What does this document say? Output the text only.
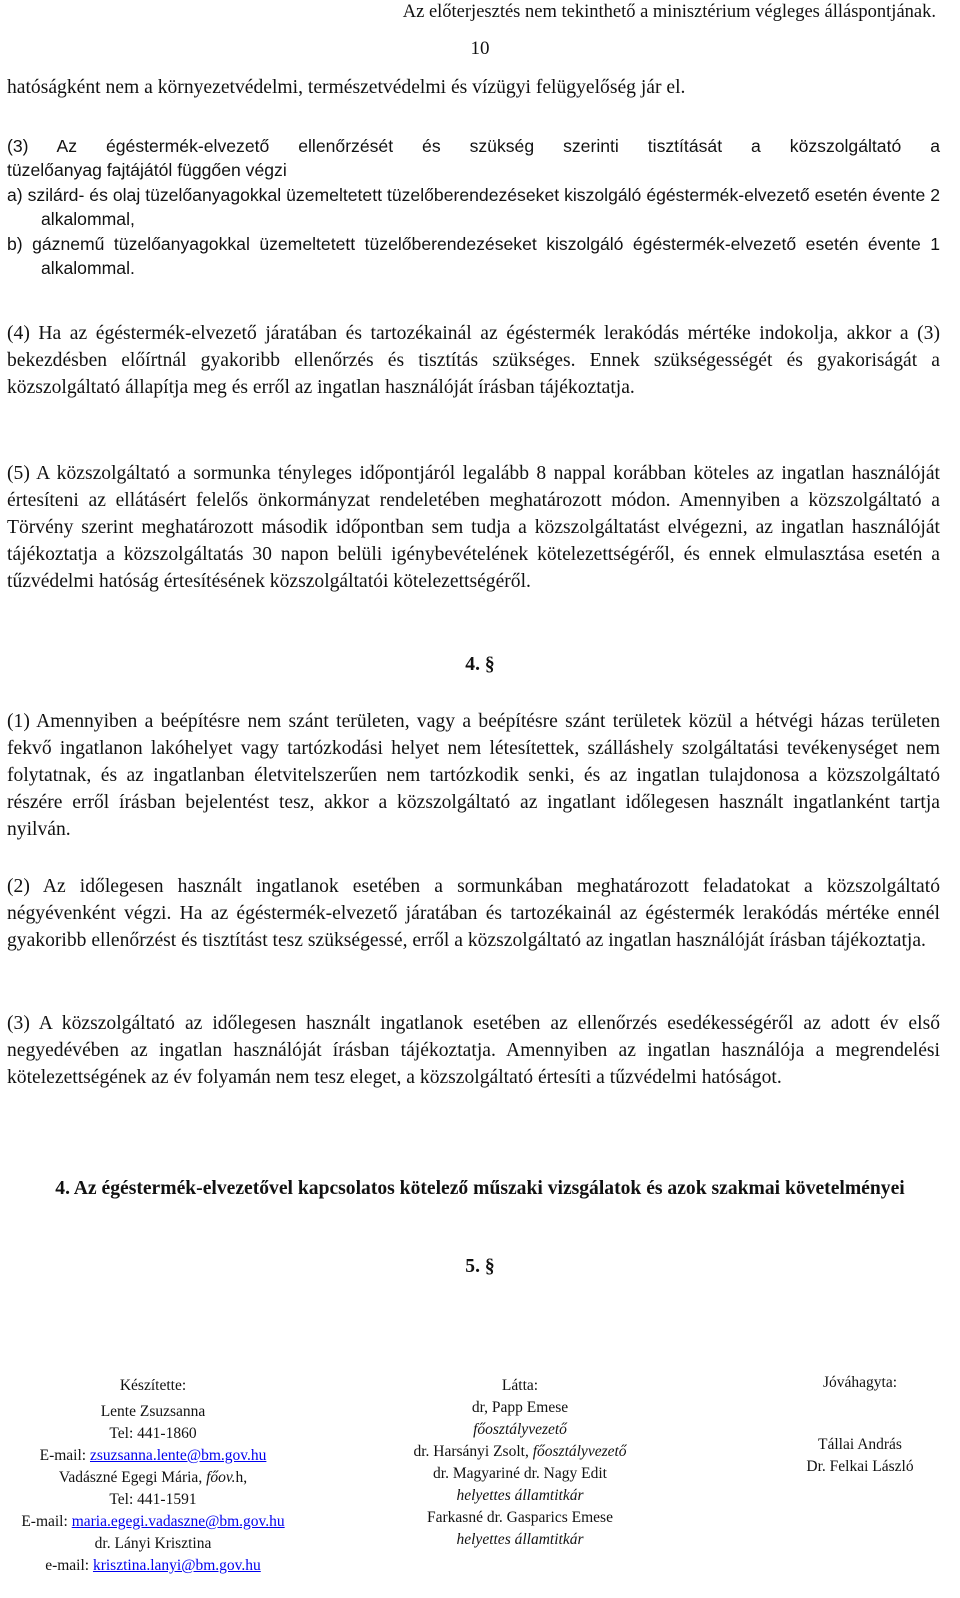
Az előterjesztés nem tekinthető a minisztérium végleges álláspontjának.
10
hatóságként nem a környezetvédelmi, természetvédelmi és vízügyi felügyelőség jár el.
(3) Az égéstermék-elvezető ellenőrzését és szükség szerinti tisztítását a közszolgáltató a
tüzelőanyag fajtájától függően végzi
a) szilárd- és olaj tüzelőanyagokkal üzemeltetett tüzelőberendezéseket kiszolgáló égéstermék-elvezető esetén évente 2 alkalommal,
b) gáznemű tüzelőanyagokkal üzemeltetett tüzelőberendezéseket kiszolgáló égéstermék-elvezető esetén évente 1 alkalommal.
(4) Ha az égéstermék-elvezető járatában és tartozékainál az égéstermék lerakódás mértéke indokolja, akkor a (3) bekezdésben előírtnál gyakoribb ellenőrzés és tisztítás szükséges. Ennek szükségességét és gyakoriságát a közszolgáltató állapítja meg és erről az ingatlan használóját írásban tájékoztatja.
(5) A közszolgáltató a sormunka tényleges időpontjáról legalább 8 nappal korábban köteles az ingatlan használóját értesíteni az ellátásért felelős önkormányzat rendeletében meghatározott módon. Amennyiben a közszolgáltató a Törvény szerint meghatározott második időpontban sem tudja a közszolgáltatást elvégezni, az ingatlan használóját tájékoztatja a közszolgáltatás 30 napon belüli igénybevételének kötelezettségéről, és ennek elmulasztása esetén a tűzvédelmi hatóság értesítésének közszolgáltatói kötelezettségéről.
4. §
(1) Amennyiben a beépítésre nem szánt területen, vagy a beépítésre szánt területek közül a hétvégi házas területen fekvő ingatlanon lakóhelyet vagy tartózkodási helyet nem létesítettek, szálláshely szolgáltatási tevékenységet nem folytatnak, és az ingatlanban életvitelszerűen nem tartózkodik senki, és az ingatlan tulajdonosa a közszolgáltató részére erről írásban bejelentést tesz, akkor a közszolgáltató az ingatlant időlegesen használt ingatlanként tartja nyilván.
(2) Az időlegesen használt ingatlanok esetében a sormunkában meghatározott feladatokat a közszolgáltató négyévenként végzi. Ha az égéstermék-elvezető járatában és tartozékainál az égéstermék lerakódás mértéke ennél gyakoribb ellenőrzést és tisztítást tesz szükségessé, erről a közszolgáltató az ingatlan használóját írásban tájékoztatja.
(3) A közszolgáltató az időlegesen használt ingatlanok esetében az ellenőrzés esedékességéről az adott év első negyedévében az ingatlan használóját írásban tájékoztatja. Amennyiben az ingatlan használója a megrendelési kötelezettségének az év folyamán nem tesz eleget, a közszolgáltató értesíti a tűzvédelmi hatóságot.
4. Az égéstermék-elvezetővel kapcsolatos kötelező műszaki vizsgálatok és azok szakmai követelményei
5. §
Készítette:
Lente Zsuzsanna
Tel: 441-1860
E-mail: zsuzsanna.lente@bm.gov.hu
Vadászné Egegi Mária, főov.h,
Tel: 441-1591
E-mail: maria.egegi.vadaszne@bm.gov.hu
dr. Lányi Krisztina
e-mail: krisztina.lanyi@bm.gov.hu
Látta:
dr, Papp Emese
főosztályvezető
dr. Harsányi Zsolt, főosztályvezető
dr. Magyariné dr. Nagy Edit
helyettes államtitkár
Farkasné dr. Gasparics Emese
helyettes államtitkár
Jóváhagyta:
Tállai András
Dr. Felkai László
